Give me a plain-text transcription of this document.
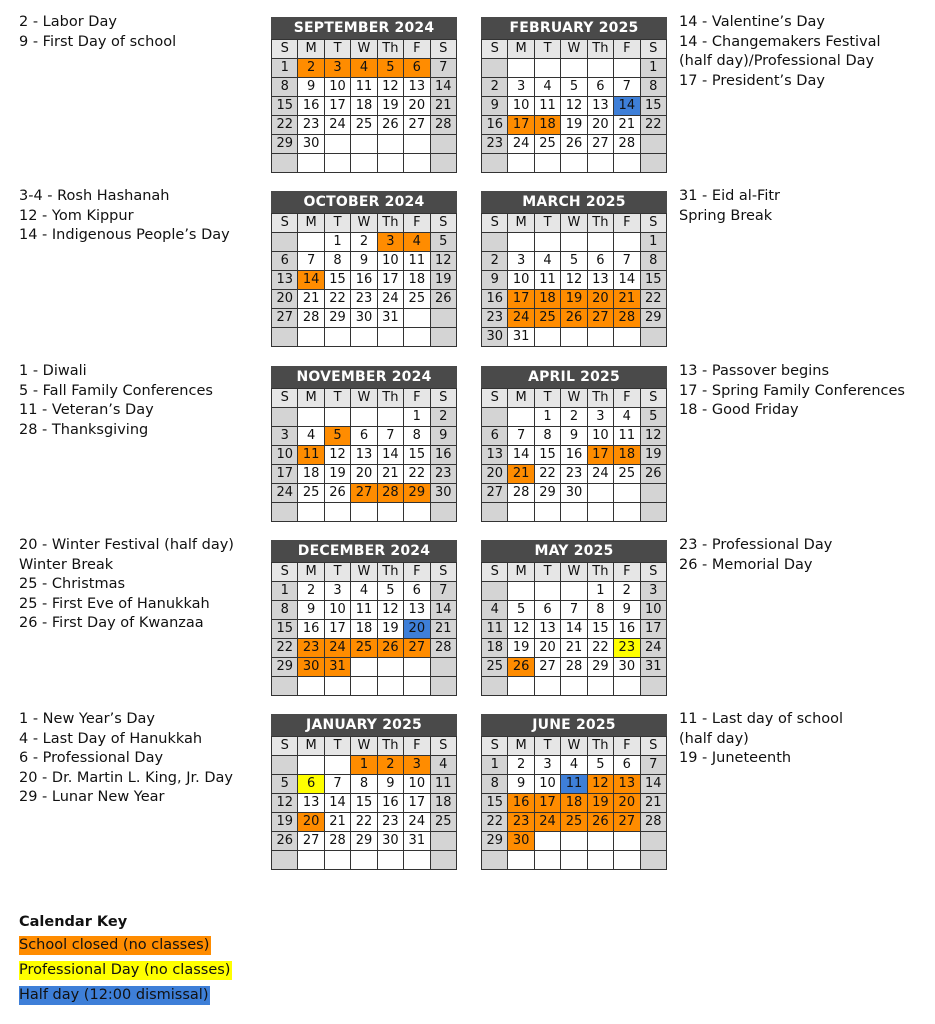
2 - Labor Day
9 - First Day of school
14 - Valentine’s Day
14 - Changemakers Festival
(half day)/Professional Day
17 - President’s Day
3-4 - Rosh Hashanah
12 - Yom Kippur
14 - Indigenous People’s Day
31 - Eid al-Fitr
Spring Break
1 - Diwali
5 - Fall Family Conferences
11 - Veteran’s Day
28 - Thanksgiving
13 - Passover begins
17 - Spring Family Conferences
18 - Good Friday
20 - Winter Festival (half day)
Winter Break
25 - Christmas
25 - First Eve of Hanukkah
26 - First Day of Kwanzaa
23 - Professional Day
26 - Memorial Day
1 - New Year’s Day
4 - Last Day of Hanukkah
6 - Professional Day
20 - Dr. Martin L. King, Jr. Day
29 - Lunar New Year
11 - Last day of school
(half day)
19 - Juneteenth
SEPTEMBER 2024
S	M	T	W	Th	F	S
1	2	3	4	5	6	7
8	9	10	11	12	13	14
15	16	17	18	19	20	21
22	23	24	25	26	27	28
29	30					

FEBRUARY 2025
S	M	T	W	Th	F	S
						1
2	3	4	5	6	7	8
9	10	11	12	13	14	15
16	17	18	19	20	21	22
23	24	25	26	27	28	

OCTOBER 2024
S	M	T	W	Th	F	S
		1	2	3	4	5
6	7	8	9	10	11	12
13	14	15	16	17	18	19
20	21	22	23	24	25	26
27	28	29	30	31		

MARCH 2025
S	M	T	W	Th	F	S
						1
2	3	4	5	6	7	8
9	10	11	12	13	14	15
16	17	18	19	20	21	22
23	24	25	26	27	28	29
30	31					
NOVEMBER 2024
S	M	T	W	Th	F	S
					1	2
3	4	5	6	7	8	9
10	11	12	13	14	15	16
17	18	19	20	21	22	23
24	25	26	27	28	29	30

APRIL 2025
S	M	T	W	Th	F	S
		1	2	3	4	5
6	7	8	9	10	11	12
13	14	15	16	17	18	19
20	21	22	23	24	25	26
27	28	29	30			

DECEMBER 2024
S	M	T	W	Th	F	S
1	2	3	4	5	6	7
8	9	10	11	12	13	14
15	16	17	18	19	20	21
22	23	24	25	26	27	28
29	30	31				

MAY 2025
S	M	T	W	Th	F	S
				1	2	3
4	5	6	7	8	9	10
11	12	13	14	15	16	17
18	19	20	21	22	23	24
25	26	27	28	29	30	31

JANUARY 2025
S	M	T	W	Th	F	S
			1	2	3	4
5	6	7	8	9	10	11
12	13	14	15	16	17	18
19	20	21	22	23	24	25
26	27	28	29	30	31	

JUNE 2025
S	M	T	W	Th	F	S
1	2	3	4	5	6	7
8	9	10	11	12	13	14
15	16	17	18	19	20	21
22	23	24	25	26	27	28
29	30					

Calendar Key
School closed (no classes)
Professional Day (no classes)
Half day (12:00 dismissal)
